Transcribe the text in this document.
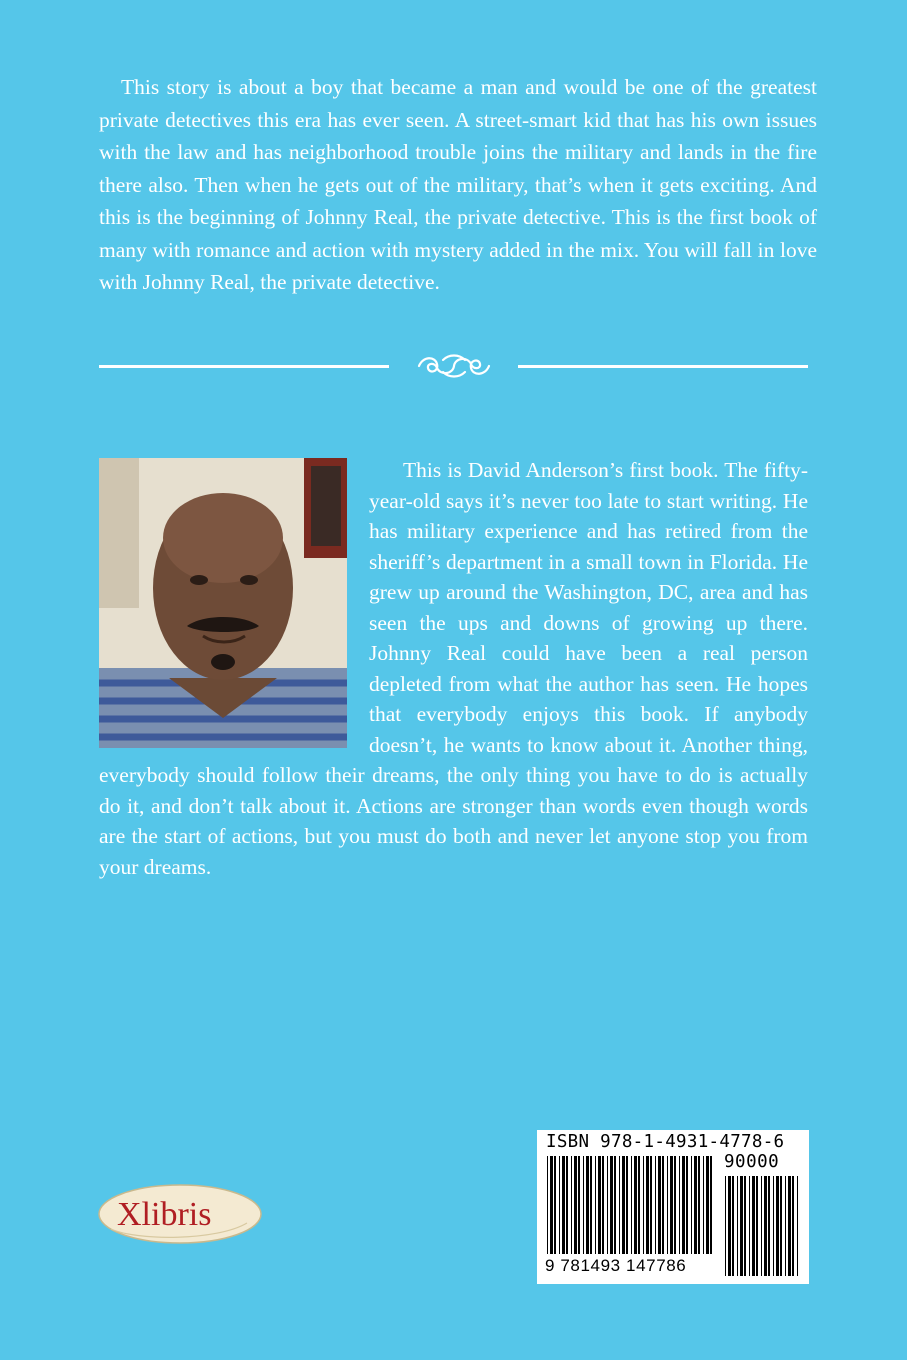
This story is about a boy that became a man and would be one of the greatest private detectives this era has ever seen. A street-smart kid that has his own issues with the law and has neighborhood trouble joins the military and lands in the fire there also. Then when he gets out of the military, that’s when it gets exciting. And this is the beginning of Johnny Real, the private detective. This is the first book of many with romance and action with mystery added in the mix. You will fall in love with Johnny Real, the private detective.

This is David Anderson’s first book. The fifty-year-old says it’s never too late to start writing. He has military experience and has retired from the sheriff’s department in a small town in Florida. He grew up around the Washington, DC, area and has seen the ups and downs of growing up there. Johnny Real could have been a real person depleted from what the author has seen. He hopes that everybody enjoys this book. If anybody doesn’t, he wants to know about it. Another thing, everybody should follow their dreams, the only thing you have to do is actually do it, and don’t talk about it. Actions are stronger than words even though words are the start of actions, but you must do both and never let anyone stop you from your dreams.

Xlibris
ISBN 978-1-4931-4778-6
90000
9 781493 147786
